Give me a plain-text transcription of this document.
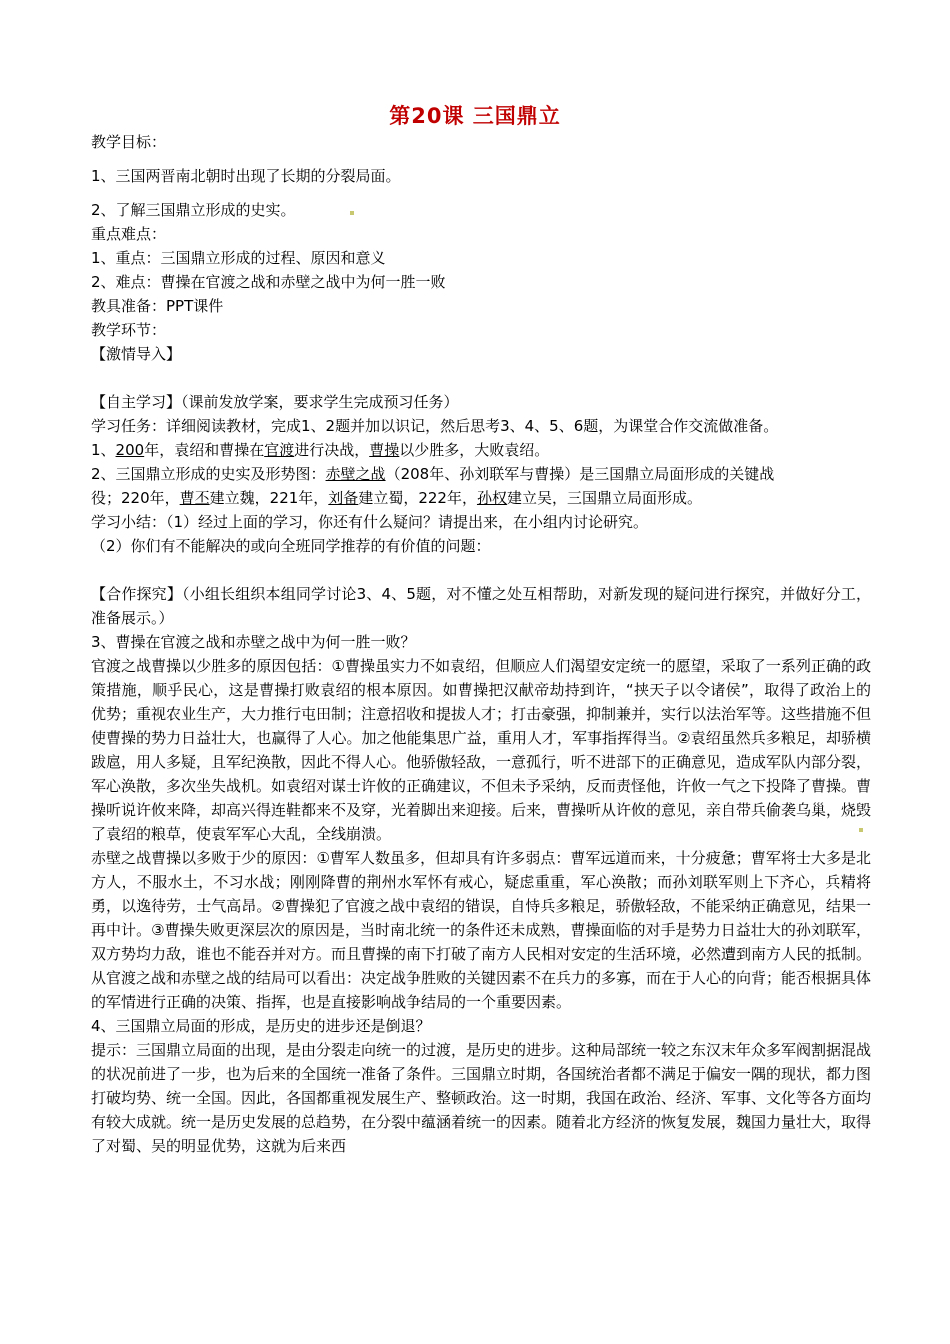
第20课 三国鼎立
教学目标：
1、三国两晋南北朝时出现了长期的分裂局面。
2、了解三国鼎立形成的史实。
重点难点：
1、重点：三国鼎立形成的过程、原因和意义
2、难点：曹操在官渡之战和赤壁之战中为何一胜一败
教具准备：PPT课件
教学环节：
【激情导入】
【自主学习】（课前发放学案，要求学生完成预习任务）
学习任务：详细阅读教材，完成1、2题并加以识记，然后思考3、4、5、6题，为课堂合作交流做准备。
1、200年，袁绍和曹操在官渡进行决战，曹操以少胜多，大败袁绍。
2、三国鼎立形成的史实及形势图：赤壁之战（208年、孙刘联军与曹操）是三国鼎立局面形成的关键战
役；220年，曹丕建立魏，221年，刘备建立蜀，222年，孙权建立吴，三国鼎立局面形成。
学习小结：（1）经过上面的学习，你还有什么疑问？请提出来，在小组内讨论研究。
（2）你们有不能解决的或向全班同学推荐的有价值的问题：
【合作探究】（小组长组织本组同学讨论3、4、5题，对不懂之处互相帮助，对新发现的疑问进行探究，并做好分工，准备展示。）
3、曹操在官渡之战和赤壁之战中为何一胜一败？
官渡之战曹操以少胜多的原因包括：①曹操虽实力不如袁绍，但顺应人们渴望安定统一的愿望，采取了一系列正确的政策措施，顺乎民心，这是曹操打败袁绍的根本原因。如曹操把汉献帝劫持到许，“挟天子以令诸侯”，取得了政治上的优势；重视农业生产，大力推行屯田制；注意招收和提拔人才；打击豪强，抑制兼并，实行以法治军等。这些措施不但使曹操的势力日益壮大，也赢得了人心。加之他能集思广益，重用人才，军事指挥得当。②袁绍虽然兵多粮足，却骄横跋扈，用人多疑，且军纪涣散，因此不得人心。他骄傲轻敌，一意孤行，听不进部下的正确意见，造成军队内部分裂，军心涣散，多次坐失战机。如袁绍对谋士许攸的正确建议，不但未予采纳，反而责怪他，许攸一气之下投降了曹操。曹操听说许攸来降，却高兴得连鞋都来不及穿，光着脚出来迎接。后来，曹操听从许攸的意见，亲自带兵偷袭乌巢，烧毁了袁绍的粮草，使袁军军心大乱，全线崩溃。
赤壁之战曹操以多败于少的原因：①曹军人数虽多，但却具有许多弱点：曹军远道而来，十分疲惫；曹军将士大多是北方人，不服水土，不习水战；刚刚降曹的荆州水军怀有戒心，疑虑重重，军心涣散；而孙刘联军则上下齐心，兵精将勇，以逸待劳，士气高昂。②曹操犯了官渡之战中袁绍的错误，自恃兵多粮足，骄傲轻敌，不能采纳正确意见，结果一再中计。③曹操失败更深层次的原因是，当时南北统一的条件还未成熟，曹操面临的对手是势力日益壮大的孙刘联军，双方势均力敌，谁也不能吞并对方。而且曹操的南下打破了南方人民相对安定的生活环境，必然遭到南方人民的抵制。
从官渡之战和赤壁之战的结局可以看出：决定战争胜败的关键因素不在兵力的多寡，而在于人心的向背；能否根据具体的军情进行正确的决策、指挥，也是直接影响战争结局的一个重要因素。
4、三国鼎立局面的形成，是历史的进步还是倒退？
提示：三国鼎立局面的出现，是由分裂走向统一的过渡，是历史的进步。这种局部统一较之东汉末年众多军阀割据混战的状况前进了一步，也为后来的全国统一准备了条件。三国鼎立时期，各国统治者都不满足于偏安一隅的现状，都力图打破均势、统一全国。因此，各国都重视发展生产、整顿政治。这一时期，我国在政治、经济、军事、文化等各方面均有较大成就。统一是历史发展的总趋势，在分裂中蕴涵着统一的因素。随着北方经济的恢复发展，魏国力量壮大，取得了对蜀、吴的明显优势，这就为后来西
